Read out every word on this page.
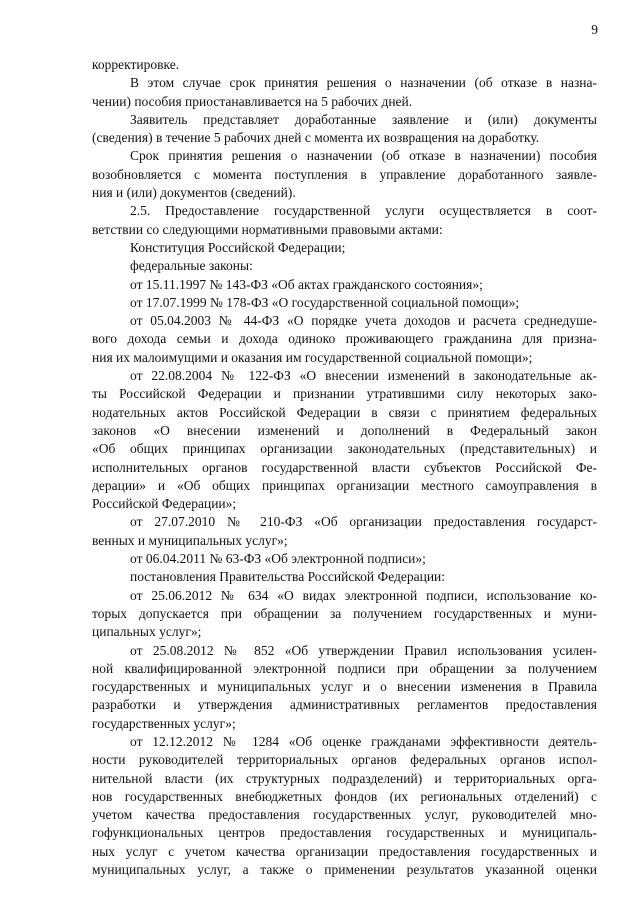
9
корректировке.
В этом случае срок принятия решения о назначении (об отказе в назна-
чении) пособия приостанавливается на 5 рабочих дней.
Заявитель представляет доработанные заявление и (или) документы
(сведения) в течение 5 рабочих дней с момента их возвращения на доработку.
Срок принятия решения о назначении (об отказе в назначении) пособия
возобновляется с момента поступления в управление доработанного заявле-
ния и (или) документов (сведений).
2.5. Предоставление государственной услуги осуществляется в соот-
ветствии со следующими нормативными правовыми актами:
Конституция Российской Федерации;
федеральные законы:
от 15.11.1997 № 143-ФЗ «Об актах гражданского состояния»;
от 17.07.1999 № 178-ФЗ «О государственной социальной помощи»;
от 05.04.2003 № 44-ФЗ «О порядке учета доходов и расчета среднедуше-
вого дохода семьи и дохода одиноко проживающего гражданина для призна-
ния их малоимущими и оказания им государственной социальной помощи»;
от 22.08.2004 № 122-ФЗ «О внесении изменений в законодательные ак-
ты Российской Федерации и признании утратившими силу некоторых зако-
нодательных актов Российской Федерации в связи с принятием федеральных
законов «О внесении изменений и дополнений в Федеральный закон
«Об общих принципах организации законодательных (представительных) и
исполнительных органов государственной власти субъектов Российской Фе-
дерации» и «Об общих принципах организации местного самоуправления в
Российской Федерации»;
от 27.07.2010 № 210-ФЗ «Об организации предоставления государст-
венных и муниципальных услуг»;
от 06.04.2011 № 63-ФЗ «Об электронной подписи»;
постановления Правительства Российской Федерации:
от 25.06.2012 № 634 «О видах электронной подписи, использование ко-
торых допускается при обращении за получением государственных и муни-
ципальных услуг»;
от 25.08.2012 № 852 «Об утверждении Правил использования усилен-
ной квалифицированной электронной подписи при обращении за получением
государственных и муниципальных услуг и о внесении изменения в Правила
разработки и утверждения административных регламентов предоставления
государственных услуг»;
от 12.12.2012 № 1284 «Об оценке гражданами эффективности деятель-
ности руководителей территориальных органов федеральных органов испол-
нительной власти (их структурных подразделений) и территориальных орга-
нов государственных внебюджетных фондов (их региональных отделений) с
учетом качества предоставления государственных услуг, руководителей мно-
гофункциональных центров предоставления государственных и муниципаль-
ных услуг с учетом качества организации предоставления государственных и
муниципальных услуг, а также о применении результатов указанной оценки
